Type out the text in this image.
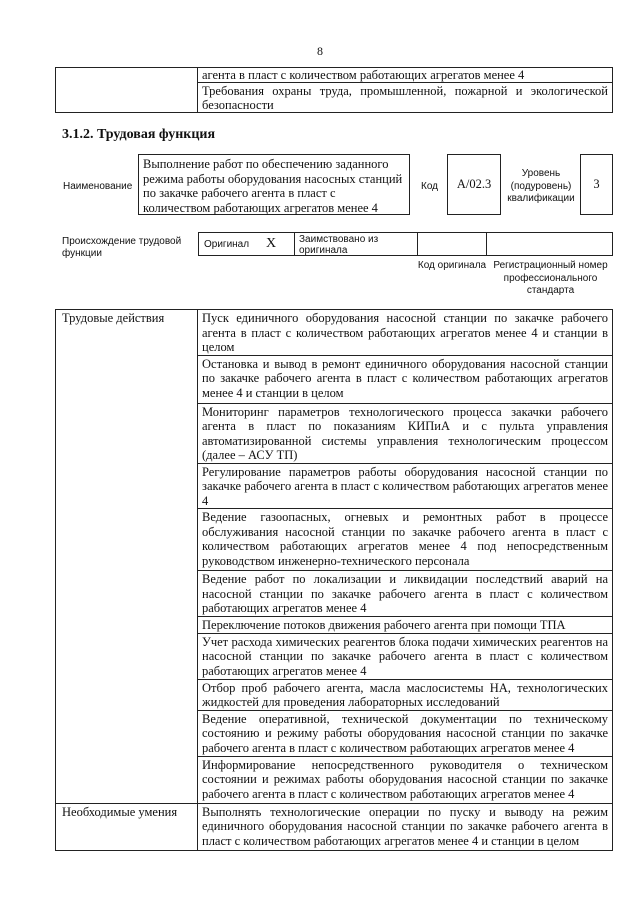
8
	агента в пласт с количеством работающих агрегатов менее 4
Требования охраны труда, промышленной, пожарной и экологической безопасности
3.1.2. Трудовая функция
Наименование
Выполнение работ по обеспечению заданного режима работы оборудования насосных станций по закачке рабочего агента в пласт с количеством работающих агрегатов менее 4
Код A/02.3
Уровень (подуровень) квалификации
3
Происхождение трудовой функции
Оригинал X Заимствовано из оригинала
Код оригинала Регистрационный номер профессионального стандарта
Трудовые действия	Пуск единичного оборудования насосной станции по закачке рабочего агента в пласт с количеством работающих агрегатов менее 4 и станции в целом
	Остановка и вывод в ремонт единичного оборудования насосной станции по закачке рабочего агента в пласт с количеством работающих агрегатов менее 4 и станции в целом
	Мониторинг параметров технологического процесса закачки рабочего агента в пласт по показаниям КИПиА и с пульта управления автоматизированной системы управления технологическим процессом (далее – АСУ ТП)
	Регулирование параметров работы оборудования насосной станции по закачке рабочего агента в пласт с количеством работающих агрегатов менее 4
	Ведение газоопасных, огневых и ремонтных работ в процессе обслуживания насосной станции по закачке рабочего агента в пласт с количеством работающих агрегатов менее 4 под непосредственным руководством инженерно-технического персонала
	Ведение работ по локализации и ликвидации последствий аварий на насосной станции по закачке рабочего агента в пласт с количеством работающих агрегатов менее 4
	Переключение потоков движения рабочего агента при помощи ТПА
	Учет расхода химических реагентов блока подачи химических реагентов на насосной станции по закачке рабочего агента в пласт с количеством работающих агрегатов менее 4
	Отбор проб рабочего агента, масла маслосистемы НА, технологических жидкостей для проведения лабораторных исследований
	Ведение оперативной, технической документации по техническому состоянию и режиму работы оборудования насосной станции по закачке рабочего агента в пласт с количеством работающих агрегатов менее 4
	Информирование непосредственного руководителя о техническом состоянии и режимах работы оборудования насосной станции по закачке рабочего агента в пласт с количеством работающих агрегатов менее 4
Необходимые умения	Выполнять технологические операции по пуску и выводу на режим единичного оборудования насосной станции по закачке рабочего агента в пласт с количеством работающих агрегатов менее 4 и станции в целом
